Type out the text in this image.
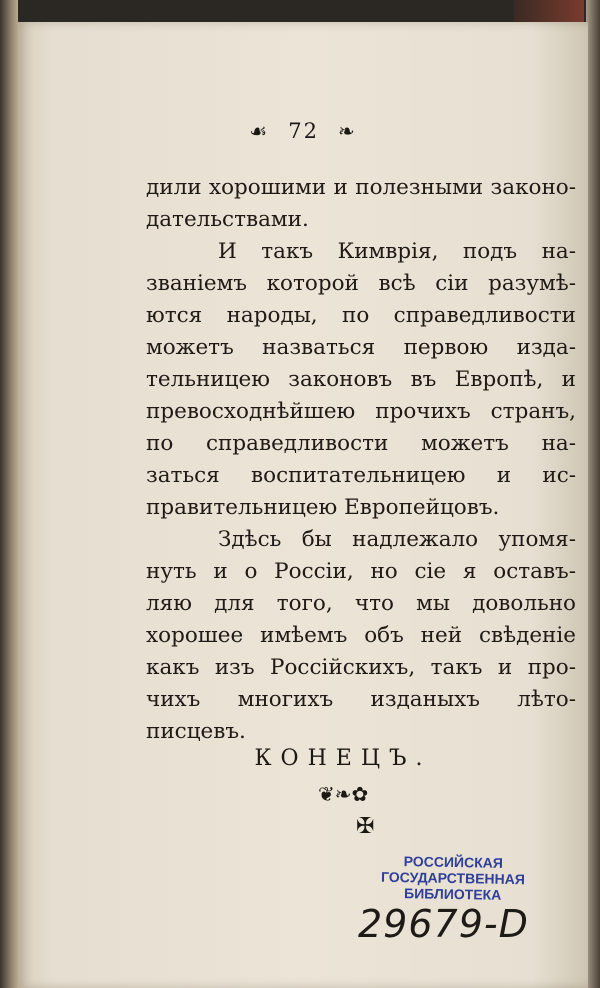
☙ 72 ❧
дили хорошими и полезными законо-
дательствами.
И такъ Кимврія, подъ на-
званіемъ которой всѣ сіи разумѣ-
ются народы, по справедливости
можетъ назваться первою изда-
тельницею законовъ въ Европѣ, и
превосходнѣйшею прочихъ странъ,
по справедливости можетъ на-
заться воспитательницею и ис-
правительницею Европейцовъ.
Здѣсь бы надлежало упомя-
нуть и о Россіи, но сіе я оставъ-
ляю для того, что мы довольно
хорошее имѣемъ объ ней свѣденіе
какъ изъ Россійскихъ, такъ и про-
чихъ многихъ изданыхъ лѣто-
писцевъ.
КОНЕЦЪ.
❦❧✿
✠
РОССИЙСКАЯ
ГОСУДАРСТВЕННАЯ
БИБЛИОТЕКА
29679-D
